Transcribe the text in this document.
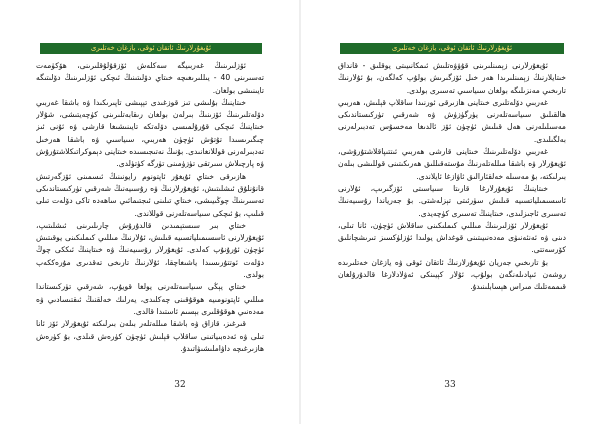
ئۇيغۇرلارنىڭ ئاتقان ئوقى، يازغان خەتلىرى

ئۆزلىرىنىڭ غەربىيگە سەكلەش ئۆزقۇلۇقلىرىنى، ھۆكۈمەت تەسىرىنى 40 - يىللىرىغىچە خىتاي دۆلىتىنىڭ ئىچكى ئۆزلىرىنىڭ دۆلىتىگە تايىنىشى بولغان.

خىتاينىڭ بۇلىشى تىز قوزغىدى تېپىشى تاپىرىكىدا ۋە باشقا غەربىي دۆلەتلىرىنىڭ ئۆزىنىڭ بىرلەن بولغان رىقابەتلىرىنى كۈچەيتىشى، شۇلار خىتاينىڭ ئىچكى قۇرۇلمىسى دۆلەتكە تايىنىشىغا قارشى ۋە ئۇنى ئىز چىگىرىسىدا تۇتۇش ئۈچۈن ھەربىي، سىياسىي ۋە باشقا ھەرخىل تەدبىرلەرنى قوللانغانىدى. بۇنىڭ نەتىجىسىدە خىتاينى دېموكراتىكلاشتۇرۇش ۋە پارچىلاش سىرتقى تۈزۈمىنى تۈرگە كۈتۈلدى.

ھازىرقى خىتاي ئۇيغۇر ئاپتونوم رايونىنىڭ ئىسمىنى ئۆزگەرتىش قانۇنلۇق ئىشلىتىش، ئۇيغۇرلارنىڭ ۋە رۇسىيەنىڭ شەرقىي تۈركىستاندىكى تەسىرىنىڭ چوڭىيىشى، خىتاي تىلىنى ئىجتىمائىي ساھەدە تاكى دۆلەت تىلى قىلىپ، بۇ ئىچكى سىياسەتلەرنى قوللاندى.

خىتاي بىر سىستېمىدىن قالدۇرۇش چارىلىرىنى ئىشلىتىپ، ئۇيغۇرلارنى ئاسسىمىلياتسىيە قىلىش، ئۇلارنىڭ مىللىي كىملىكىنى يوقىتىش ئۈچۈن ئۇرۇنۇپ كەلدى. ئۇيغۇرلار رۇسىيەنىڭ ۋە خىتاينىڭ ئىككى چوڭ دۆلەت ئوتتۇرىسىدا ياشىغاچقا، ئۇلارنىڭ تارىخى تەقدىرى مۇرەككەپ بولدى.

خىتاي يېڭى سىياسەتلەرنى يولغا قويۇپ، شەرقىي تۈركىستاندا مىللىي ئاپتونومىيە ھوقۇقىنى چەكلىدى، يەرلىك خەلقنىڭ ئىقتىسادىي ۋە مەدەنىي ھوقۇقلىرى بېسىم ئاستىدا قالدى.

قىرغىز، قازاق ۋە باشقا مىللەتلەر بىلەن بىرلىكتە ئۇيغۇرلار ئۆز ئانا تىلى ۋە ئەدەبىياتىنى ساقلاپ قېلىش ئۈچۈن كۈرەش قىلدى، بۇ كۈرەش ھازىرغىچە داۋاملىشىۋاتىدۇ.

32
ئۇيغۇرلارنىڭ ئاتقان ئوقى، يازغان خەتلىرى

ئۇيغۇرلارنى زېمىنلىرىنى قۇۋۋەتلىش ئىمكانىيىتى يوقلىق - قانداق خىتايلارنىڭ زېمىنلىرىدا ھەر خىل ئۆزگىرىش بولۇپ كەلگەن، بۇ ئۇلارنىڭ تارىخىي مەنزىلىگە بولغان سىياسىي تەسىرى بولدى.

غەربىي دۆلەتلىرى خىتاينى ھازىرقى ئورنىدا ساقلاپ قېلىش، ھەربىي ھالقىلىق سىياسەتلەرنى يۈرگۈزۈش ۋە شەرقىي تۈركىستاندىكى مەسىلىلەرنى ھەل قىلىش ئۈچۈن ئۆز ئالدىغا مەخسۇس تەدبىرلەرنى بەلگىلىدى.

غەربىي دۆلەتلىرىنىڭ خىتاينى قارشى ھەربىي ئىتتىپاقلاشتۇرۇشى، ئۇيغۇرلار ۋە باشقا مىللەتلەرنىڭ مۇستەقىللىق ھەرىكىتىنى قوللىشى بىلەن بىرلىكتە، بۇ مەسىلە خەلقئارالىق ئاۋازغا ئايلاندى.

خىتاينىڭ ئۇيغۇرلارغا قارىتا سىياسىتى ئۆزگىرىپ، ئۇلارنى ئاسسىمىلياتسىيە قىلىش سۈرئىتى تېزلەشتى. بۇ جەرياندا رۇسىيەنىڭ تەسىرى ئاجىزلىدى، خىتاينىڭ تەسىرى كۈچەيدى.

ئۇيغۇرلار ئۆزلىرىنىڭ مىللىي كىملىكىنى ساقلاش ئۈچۈن، ئانا تىلى، دىنى ۋە ئەنئەنىۋى مەدەنىيىتىنى قوغداش يولىدا ئۈزلۈكسىز تىرىشچانلىق كۆرسەتتى.

بۇ تارىخىي جەريان ئۇيغۇرلارنىڭ ئاتقان ئوقى ۋە يازغان خەتلىرىدە روشەن ئىپادىلەنگەن بولۇپ، ئۇلار كېيىنكى ئەۋلادلارغا قالدۇرۇلغان قىممەتلىك مىراس ھېسابلىنىدۇ.

33
